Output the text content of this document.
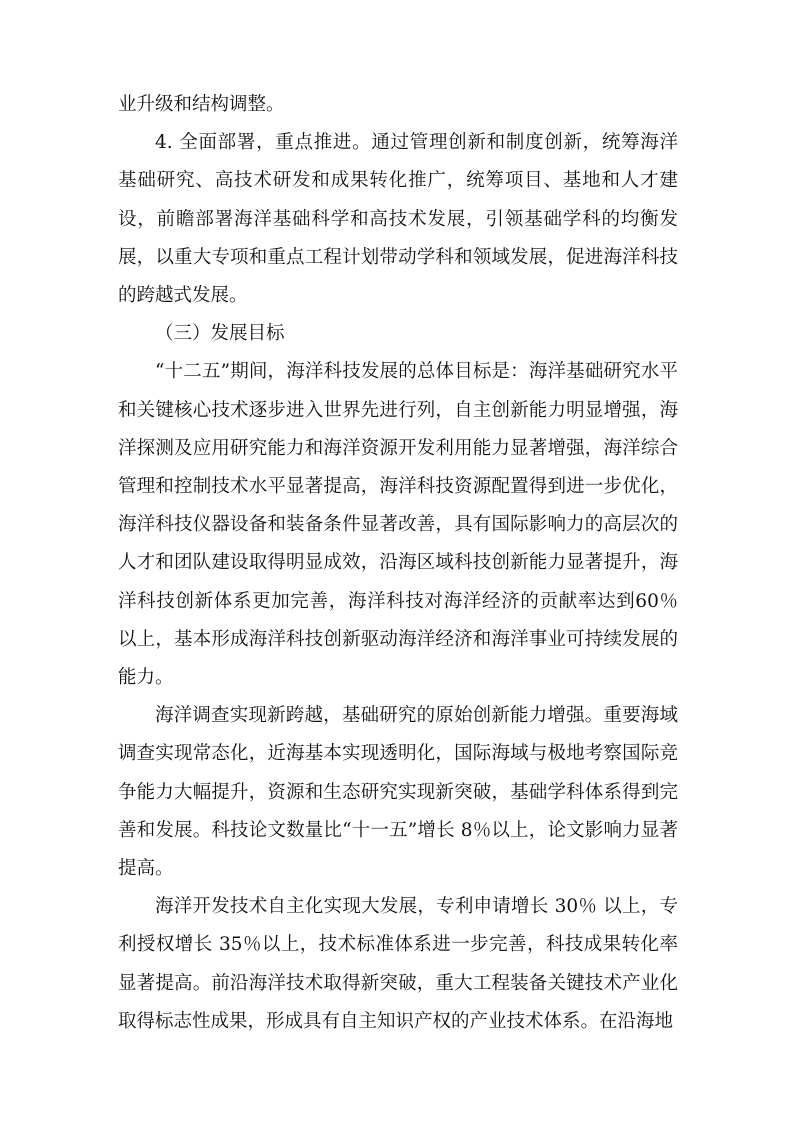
业升级和结构调整。

4. 全面部署，重点推进。通过管理创新和制度创新，统筹海洋基础研究、高技术研发和成果转化推广，统筹项目、基地和人才建设，前瞻部署海洋基础科学和高技术发展，引领基础学科的均衡发展，以重大专项和重点工程计划带动学科和领域发展，促进海洋科技的跨越式发展。

（三）发展目标

“十二五”期间，海洋科技发展的总体目标是：海洋基础研究水平和关键核心技术逐步进入世界先进行列，自主创新能力明显增强，海洋探测及应用研究能力和海洋资源开发利用能力显著增强，海洋综合管理和控制技术水平显著提高，海洋科技资源配置得到进一步优化，海洋科技仪器设备和装备条件显著改善，具有国际影响力的高层次的人才和团队建设取得明显成效，沿海区域科技创新能力显著提升，海洋科技创新体系更加完善，海洋科技对海洋经济的贡献率达到60％以上，基本形成海洋科技创新驱动海洋经济和海洋事业可持续发展的能力。

海洋调查实现新跨越，基础研究的原始创新能力增强。重要海域调查实现常态化，近海基本实现透明化，国际海域与极地考察国际竞争能力大幅提升，资源和生态研究实现新突破，基础学科体系得到完善和发展。科技论文数量比“十一五”增长 8％以上，论文影响力显著提高。

海洋开发技术自主化实现大发展，专利申请增长 30％ 以上，专利授权增长 35％以上，技术标准体系进一步完善，科技成果转化率显著提高。前沿海洋技术取得新突破，重大工程装备关键技术产业化取得标志性成果，形成具有自主知识产权的产业技术体系。在沿海地
